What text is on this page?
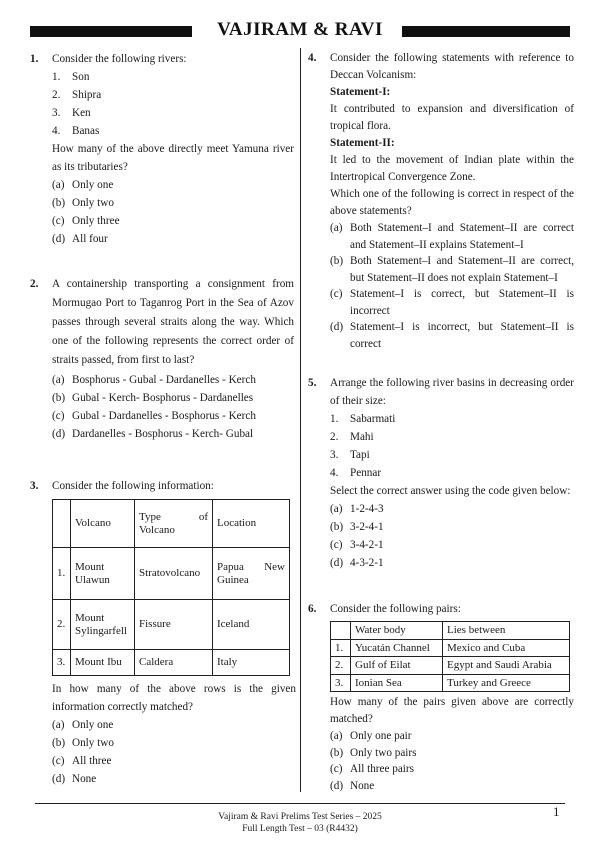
VAJIRAM & RAVI
1. Consider the following rivers:

1. Son
2. Shipra
3. Ken
4. Banas

How many of the above directly meet Yamuna river as its tributaries?

(a) Only one
(b) Only two
(c) Only three
(d) All four
2. A containership transporting a consignment from Mormugao Port to Taganrog Port in the Sea of Azov passes through several straits along the way. Which one of the following represents the correct order of straits passed, from first to last?

(a) Bosphorus - Gubal - Dardanelles - Kerch
(b) Gubal - Kerch- Bosphorus - Dardanelles
(c) Gubal - Dardanelles - Bosphorus - Kerch
(d) Dardanelles - Bosphorus - Kerch- Gubal
3. Consider the following information:

	Volcano	Type of Volcano	Location
1.	Mount Ulawun	Stratovolcano	Papua New Guinea
2.	Mount Sylingarfell	Fissure	Iceland
3.	Mount Ibu	Caldera	Italy

In how many of the above rows is the given information correctly matched?

(a) Only one
(b) Only two
(c) All three
(d) None
4. Consider the following statements with reference to Deccan Volcanism:

Statement-I:

It contributed to expansion and diversification of tropical flora.

Statement-II:

It led to the movement of Indian plate within the Intertropical Convergence Zone.

Which one of the following is correct in respect of the above statements?

(a) Both Statement–I and Statement–II are correct and Statement–II explains Statement–I
(b) Both Statement–I and Statement–II are correct, but Statement–II does not explain Statement–I
(c) Statement–I is correct, but Statement–II is incorrect
(d) Statement–I is incorrect, but Statement–II is correct
5. Arrange the following river basins in decreasing order of their size:

1. Sabarmati
2. Mahi
3. Tapi
4. Pennar

Select the correct answer using the code given below:

(a) 1-2-4-3
(b) 3-2-4-1
(c) 3-4-2-1
(d) 4-3-2-1
6. Consider the following pairs:

	Water body	Lies between
1.	Yucatán Channel	Mexico and Cuba
2.	Gulf of Eilat	Egypt and Saudi Arabia
3.	Ionian Sea	Turkey and Greece

How many of the pairs given above are correctly matched?

(a) Only one pair
(b) Only two pairs
(c) All three pairs
(d) None
Vajiram & Ravi Prelims Test Series – 2025
Full Length Test – 03 (R4432)
1
